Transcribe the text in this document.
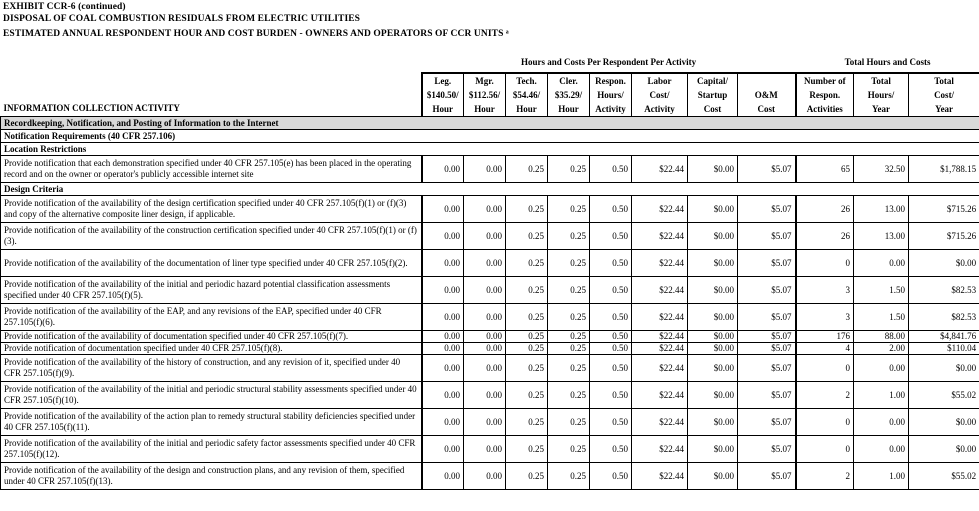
EXHIBIT CCR-6 (continued)
DISPOSAL OF COAL COMBUSTION RESIDUALS FROM ELECTRIC UTILITIES
ESTIMATED ANNUAL RESPONDENT HOUR AND COST BURDEN - OWNERS AND OPERATORS OF CCR UNITS ᵃ
	Hours and Costs Per Respondent Per Activity								Total Hours and Costs		
INFORMATION COLLECTION ACTIVITY	Leg.
$140.50/
Hour	Mgr.
$112.56/
Hour	Tech.
$54.46/
Hour	Cler.
$35.29/
Hour	Respon.
Hours/
Activity	Labor
Cost/
Activity	Capital/
Startup
Cost	O&M
Cost	Number of
Respon.
Activities	Total
Hours/
Year	Total
Cost/
Year
Recordkeeping, Notification, and Posting of Information to the Internet											
Notification Requirements (40 CFR 257.106)											
Location Restrictions											
Provide notification that each demonstration specified under 40 CFR 257.105(e) has been placed in the operating record and on the owner or operator's publicly accessible internet site	0.00	0.00	0.25	0.25	0.50	$22.44	$0.00	$5.07	65	32.50	$1,788.15
Design Criteria											
Provide notification of the availability of the design certification specified under 40 CFR 257.105(f)(1) or (f)(3) and copy of the alternative composite liner design, if applicable.	0.00	0.00	0.25	0.25	0.50	$22.44	$0.00	$5.07	26	13.00	$715.26
Provide notification of the availability of the construction certification specified under 40 CFR 257.105(f)(1) or (f)(3).	0.00	0.00	0.25	0.25	0.50	$22.44	$0.00	$5.07	26	13.00	$715.26
Provide notification of the availability of the documentation of liner type specified under 40 CFR 257.105(f)(2).	0.00	0.00	0.25	0.25	0.50	$22.44	$0.00	$5.07	0	0.00	$0.00
Provide notification of the availability of the initial and periodic hazard potential classification assessments specified under 40 CFR 257.105(f)(5).	0.00	0.00	0.25	0.25	0.50	$22.44	$0.00	$5.07	3	1.50	$82.53
Provide notification of the availability of the EAP, and any revisions of the EAP, specified under 40 CFR 257.105(f)(6).	0.00	0.00	0.25	0.25	0.50	$22.44	$0.00	$5.07	3	1.50	$82.53
Provide notification of the availability of documentation specified under 40 CFR 257.105(f)(7).	0.00	0.00	0.25	0.25	0.50	$22.44	$0.00	$5.07	176	88.00	$4,841.76
Provide notification of documentation specified under 40 CFR 257.105(f)(8).	0.00	0.00	0.25	0.25	0.50	$22.44	$0.00	$5.07	4	2.00	$110.04
Provide notification of the availability of the history of construction, and any revision of it, specified under 40 CFR 257.105(f)(9).	0.00	0.00	0.25	0.25	0.50	$22.44	$0.00	$5.07	0	0.00	$0.00
Provide notification of the availability of the initial and periodic structural stability assessments specified under 40 CFR 257.105(f)(10).	0.00	0.00	0.25	0.25	0.50	$22.44	$0.00	$5.07	2	1.00	$55.02
Provide notification of the availability of the action plan to remedy structural stability deficiencies specified under 40 CFR 257.105(f)(11).	0.00	0.00	0.25	0.25	0.50	$22.44	$0.00	$5.07	0	0.00	$0.00
Provide notification of the availability of the initial and periodic safety factor assessments specified under 40 CFR 257.105(f)(12).	0.00	0.00	0.25	0.25	0.50	$22.44	$0.00	$5.07	0	0.00	$0.00
Provide notification of the availability of the design and construction plans, and any revision of them, specified under 40 CFR 257.105(f)(13).	0.00	0.00	0.25	0.25	0.50	$22.44	$0.00	$5.07	2	1.00	$55.02
